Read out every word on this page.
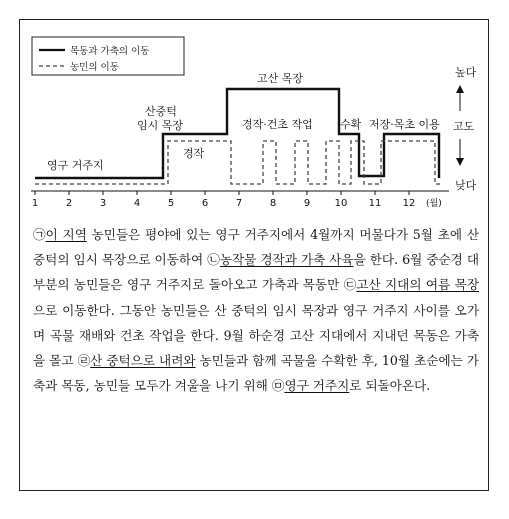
목동과 가축의 이동
농민의 이동
1	2	3	4	5	6	7	8	9 10 11 12 (월)
영구 거주지
산중턱
임시 목장
경작
고산 목장
경작·건초 작업 수확 저장·목초 이용
높다
고도
낮다
㉠이 지역 농민들은 평야에 있는 영구 거주지에서 4월까지 머물다가 5월 초에 산 중턱의 임시 목장으로 이동하여 ㉡농작물 경작과 가축 사육을 한다. 6월 중순경 대부분의 농민들은 영구 거주지로 돌아오고 가축과 목동만 ㉢고산 지대의 여름 목장으로 이동한다. 그동안 농민들은 산 중턱의 임시 목장과 영구 거주지 사이를 오가며 곡물 재배와 건초 작업을 한다. 9월 하순경 고산 지대에서 지내던 목동은 가축을 몰고 ㉣산 중턱으로 내려와 농민들과 함께 곡물을 수확한 후, 10월 초순에는 가축과 목동, 농민들 모두가 겨울을 나기 위해 ㉤영구 거주지로 되돌아온다.
